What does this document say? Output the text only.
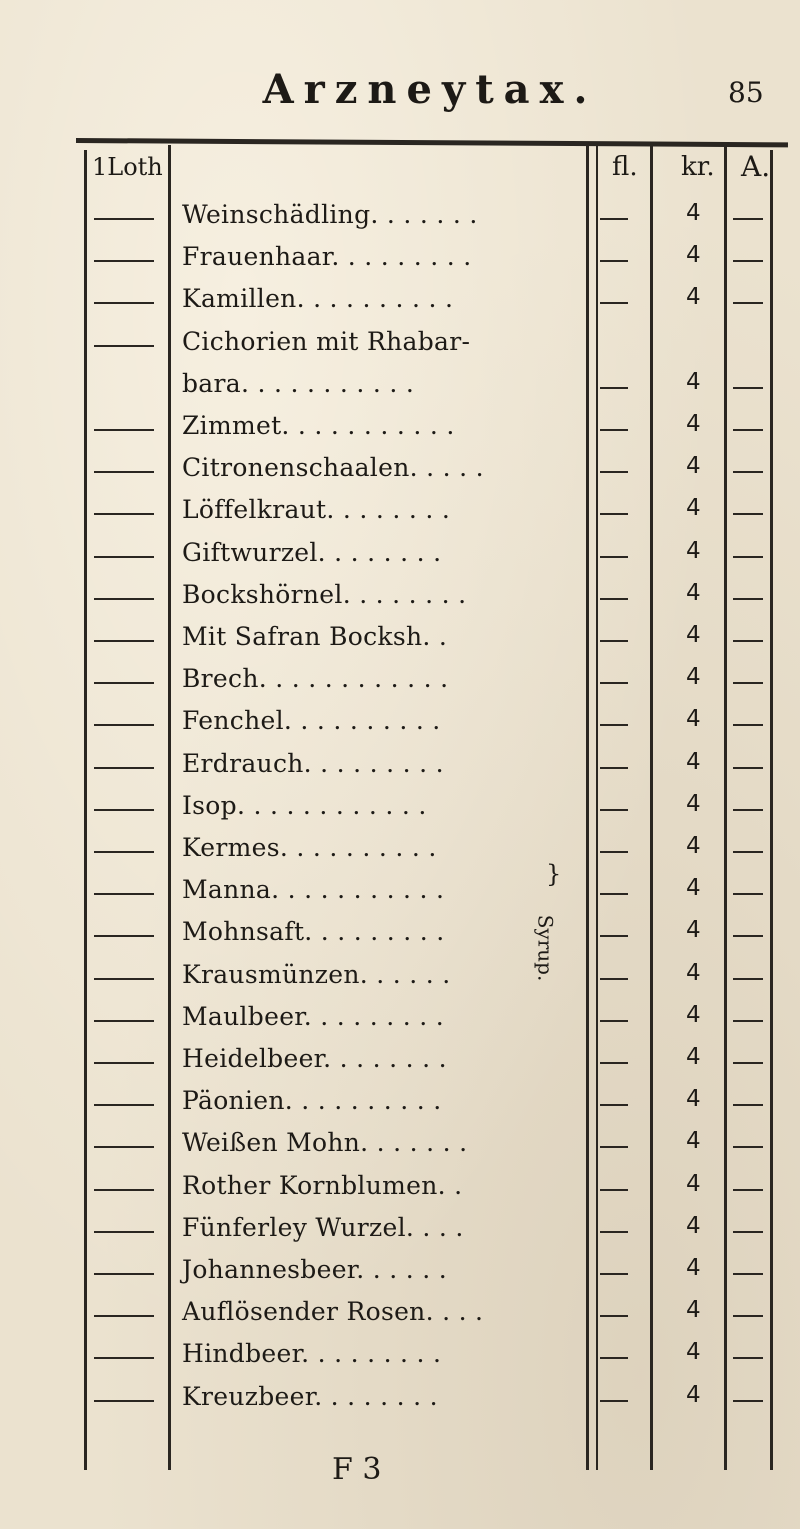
Arzneytax.	85
1Loth	fl. kr. A.
Weinschädling. . . . . . .	4
Frauenhaar. . . . . . . . .	4
Kamillen. . . . . . . . . .	4
Cichorien mit Rhabar-
bara. . . . . . . . . . .	4
Zimmet. . . . . . . . . . .	4
Citronenschaalen. . . . .	4
Löffelkraut. . . . . . . .	4
Giftwurzel. . . . . . . .	4
Bockshörnel. . . . . . . .	4
Mit Safran Bocksh. .	4
Brech. . . . . . . . . . . .	4
Fenchel. . . . . . . . . .	4
Erdrauch. . . . . . . . .	4
Isop. . . . . . . . . . . .	4
Kermes. . . . . . . . . .	4
Manna. . . . . . . . . . .	4
Mohnsaft. . . . . . . . .	4
Krausmünzen. . . . . .	4
Maulbeer. . . . . . . . .	4
Heidelbeer. . . . . . . .	4
Päonien. . . . . . . . . .	4
Weißen Mohn. . . . . . .	4
Rother Kornblumen. .	4
Fünferley Wurzel. . . .	4
Johannesbeer. . . . . .	4
Auflösender Rosen. . . .	4
Hindbeer. . . . . . . . .	4
Kreuzbeer. . . . . . . .	4
}
Syrup.
F 3
